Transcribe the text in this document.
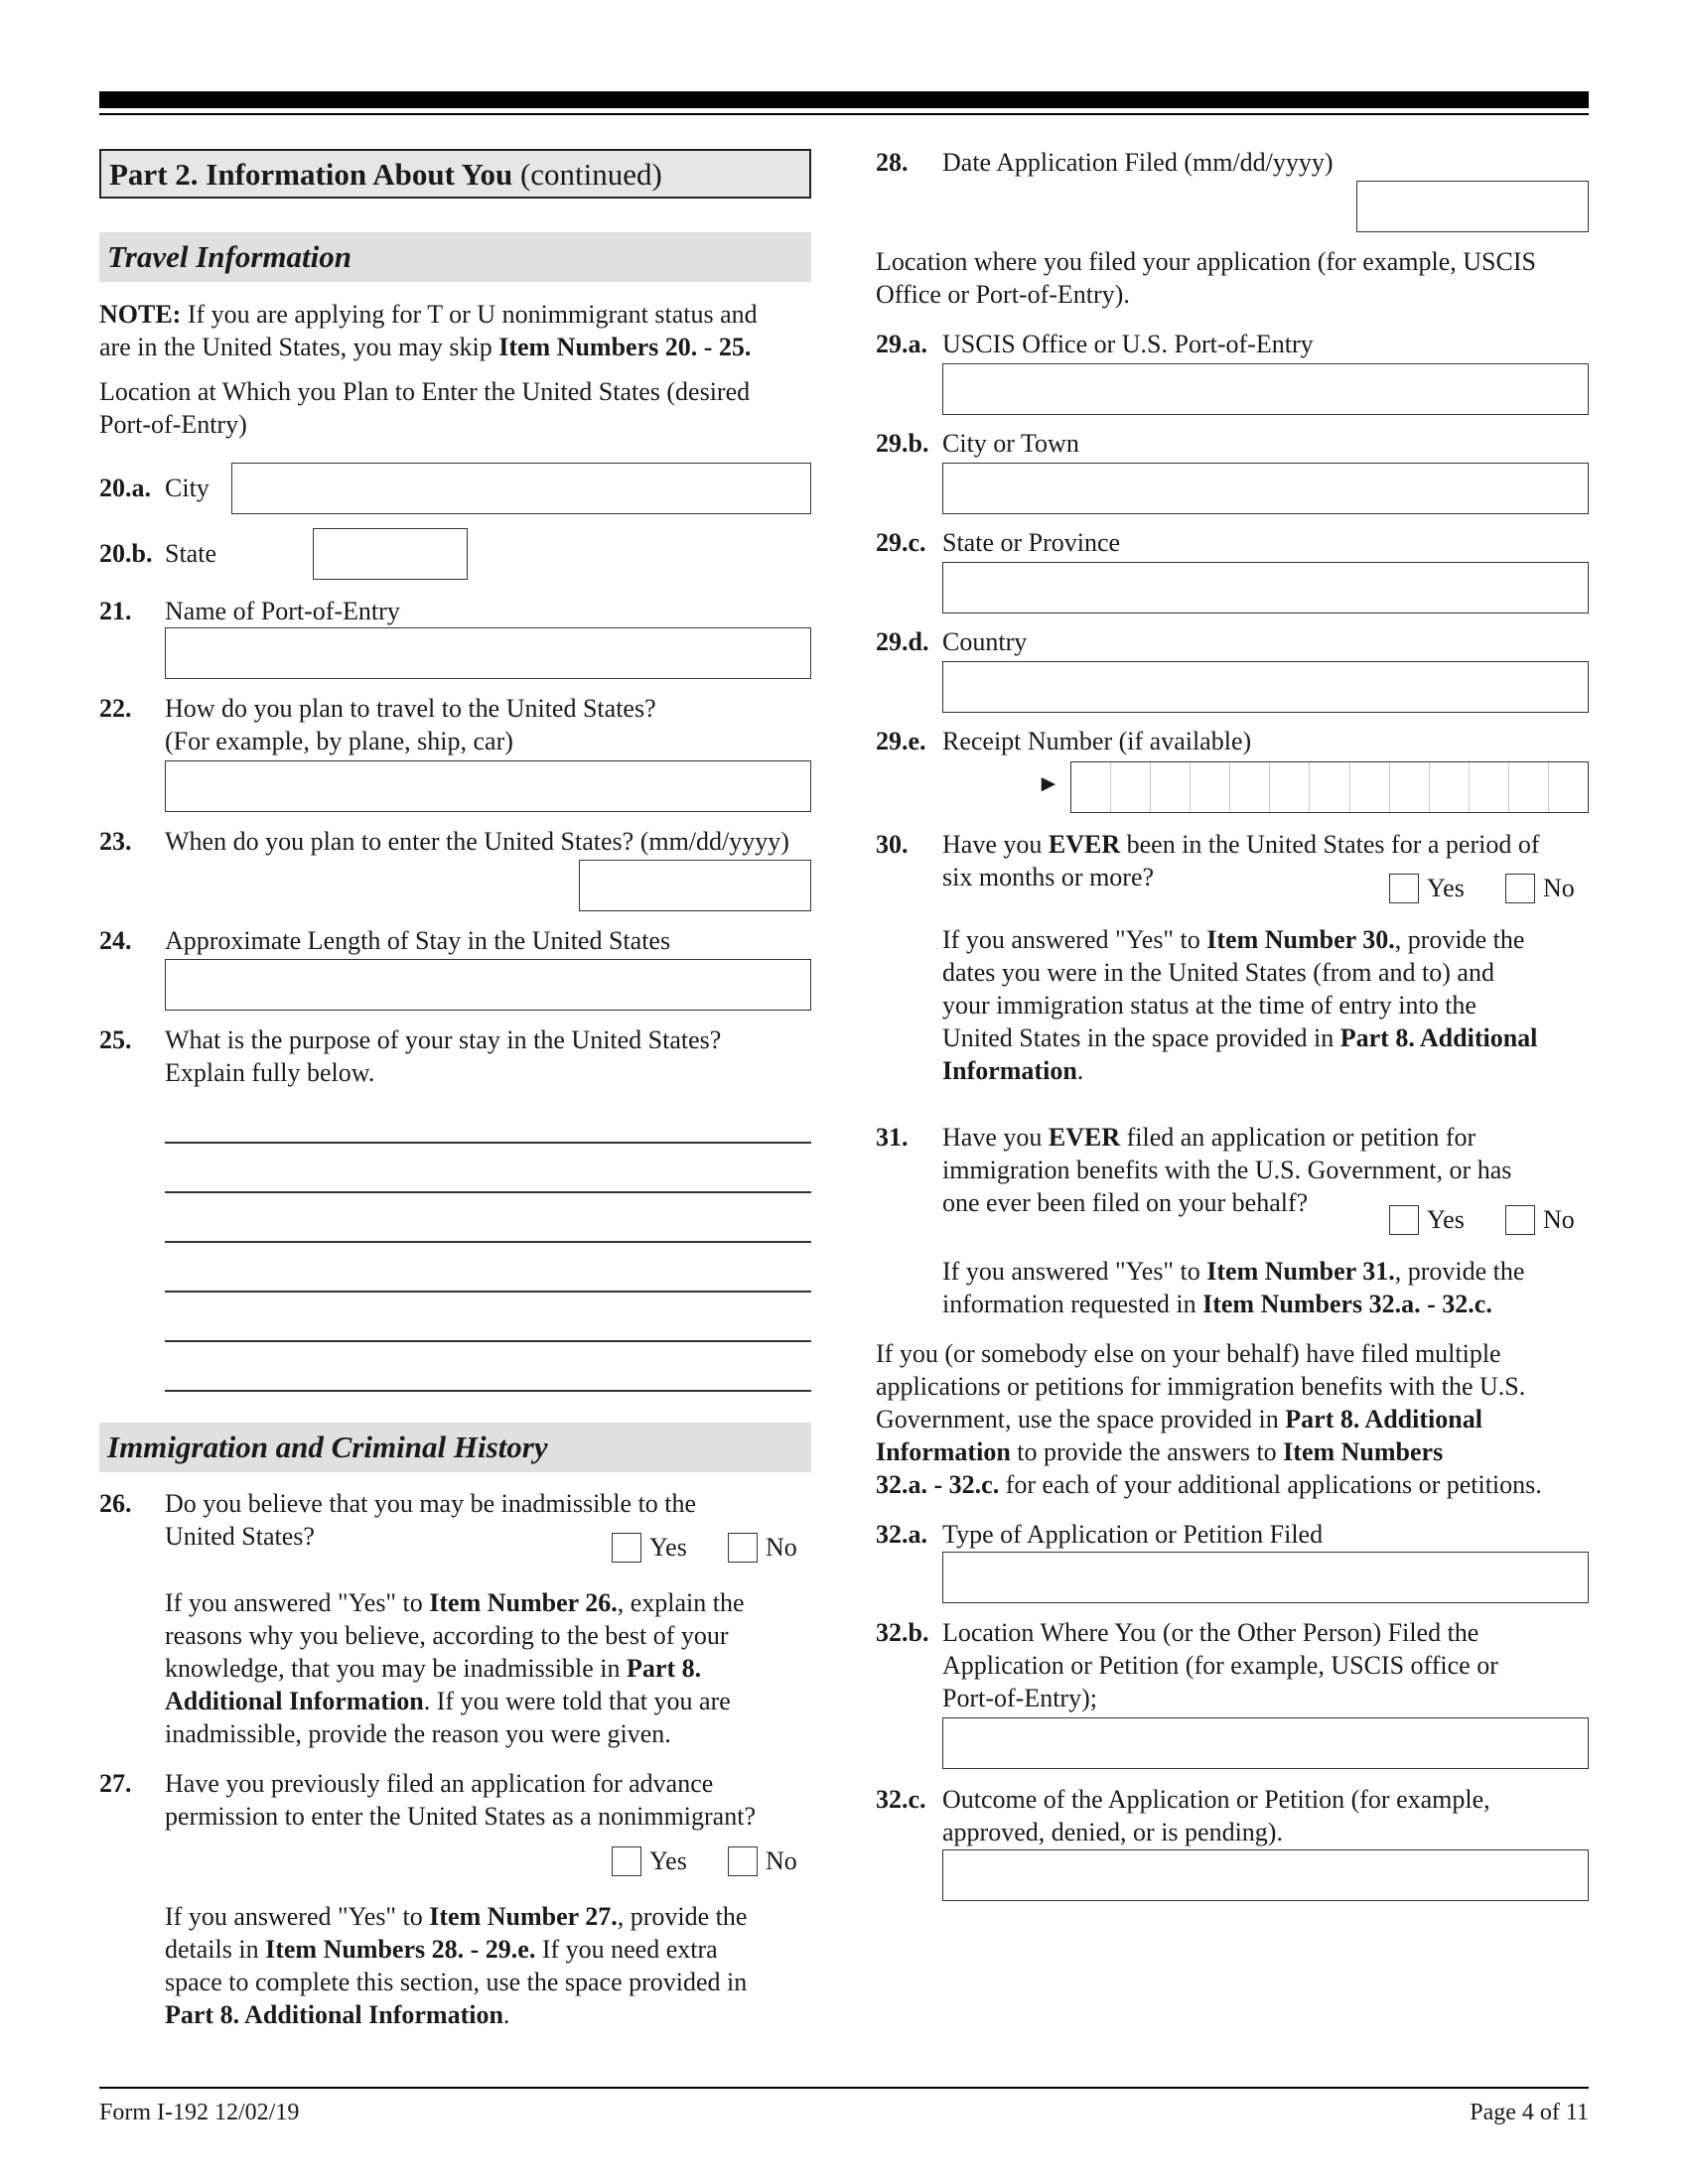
Part 2. Information About You (continued)
Travel Information
NOTE: If you are applying for T or U nonimmigrant status and
are in the United States, you may skip Item Numbers 20. - 25.
Location at Which you Plan to Enter the United States (desired
Port-of-Entry)
20.a. City
20.b. State
21. Name of Port-of-Entry
22. How do you plan to travel to the United States?
(For example, by plane, ship, car)
23. When do you plan to enter the United States? (mm/dd/yyyy)
24. Approximate Length of Stay in the United States
25. What is the purpose of your stay in the United States?
Explain fully below.
Immigration and Criminal History
26. Do you believe that you may be inadmissible to the
United States?	Yes	No
If you answered "Yes" to Item Number 26., explain the
reasons why you believe, according to the best of your
knowledge, that you may be inadmissible in Part 8.
Additional Information. If you were told that you are
inadmissible, provide the reason you were given.
27. Have you previously filed an application for advance
permission to enter the United States as a nonimmigrant?
Yes	No
If you answered "Yes" to Item Number 27., provide the
details in Item Numbers 28. - 29.e. If you need extra
space to complete this section, use the space provided in
Part 8. Additional Information.
28. Date Application Filed (mm/dd/yyyy)
Location where you filed your application (for example, USCIS
Office or Port-of-Entry).
29.a. USCIS Office or U.S. Port-of-Entry
29.b. City or Town
29.c. State or Province
29.d. Country
29.e. Receipt Number (if available)
►
30. Have you EVER been in the United States for a period of
six months or more?	Yes	No
If you answered "Yes" to Item Number 30., provide the
dates you were in the United States (from and to) and
your immigration status at the time of entry into the
United States in the space provided in Part 8. Additional
Information.
31. Have you EVER filed an application or petition for
immigration benefits with the U.S. Government, or has
one ever been filed on your behalf?
Yes	No
If you answered "Yes" to Item Number 31., provide the
information requested in Item Numbers 32.a. - 32.c.
If you (or somebody else on your behalf) have filed multiple
applications or petitions for immigration benefits with the U.S.
Government, use the space provided in Part 8. Additional
Information to provide the answers to Item Numbers
32.a. - 32.c. for each of your additional applications or petitions.
32.a. Type of Application or Petition Filed
32.b. Location Where You (or the Other Person) Filed the
Application or Petition (for example, USCIS office or
Port-of-Entry);
32.c. Outcome of the Application or Petition (for example,
approved, denied, or is pending).
Form I-192 12/02/19	Page 4 of 11
